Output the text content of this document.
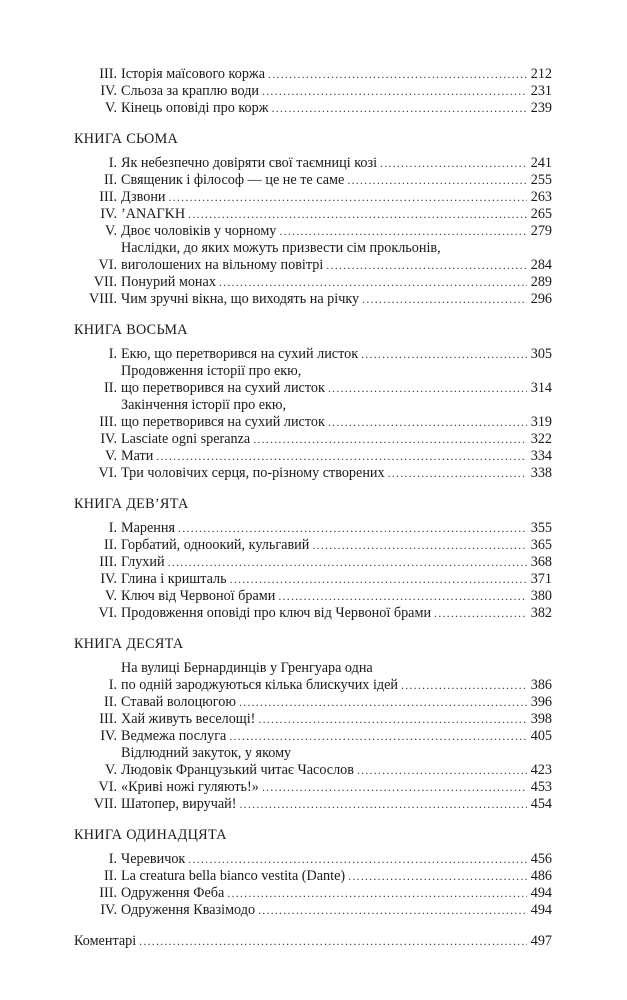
III. Історія маїсового коржа .....	212
IV. Сльоза за краплю води .....	231
V. Кінець оповіді про корж .....	239
КНИГА СЬОМА
I. Як небезпечно довіряти свої таємниці козі .....	241
II. Священик і філософ — це не те саме .....	255
III. Дзвони .....	263
IV. ’ANAГKH .....	265
V. Двоє чоловіків у чорному .....	279
VI.
Наслідки, до яких можуть призвести сім прокльонів,
виголошених на вільному повітрі .....	284
VII. Понурий монах .....	289
VIII. Чим зручні вікна, що виходять на річку .....	296
КНИГА ВОСЬМА
I. Екю, що перетворився на сухий листок .....	305
II.
Продовження історії про екю,
що перетворився на сухий листок .....	314
III.
Закінчення історії про екю,
що перетворився на сухий листок .....	319
IV. Lasciate ogni speranza .....	322
V. Мати .....	334
VI. Три чоловічих серця, по-різному створених .....	338
КНИГА ДЕВ’ЯТА
I. Марення .....	355
II. Горбатий, одноокий, кульгавий .....	365
III. Глухий .....	368
IV. Глина і кришталь .....	371
V. Ключ від Червоної брами .....	380
VI. Продовження оповіді про ключ від Червоної брами .....	382
КНИГА ДЕСЯТА
I.
На вулиці Бернардинців у Гренгуара одна
по одній зароджуються кілька блискучих ідей .....	386
II. Ставай волоцюгою .....	396
III. Хай живуть веселощі! .....	398
IV. Ведмежа послуга .....	405
V.
Відлюдний закуток, у якому
Людовік Французький читає Часослов .....	423
VI. «Криві ножі гуляють!» .....	453
VII. Шатопер, виручай! .....	454
КНИГА ОДИНАДЦЯТА
I. Черевичок .....	456
II. La creatura bella bianco vestita (Dante) .....	486
III. Одруження Феба .....	494
IV. Одруження Квазімодо .....	494
Коментарі .....	497
